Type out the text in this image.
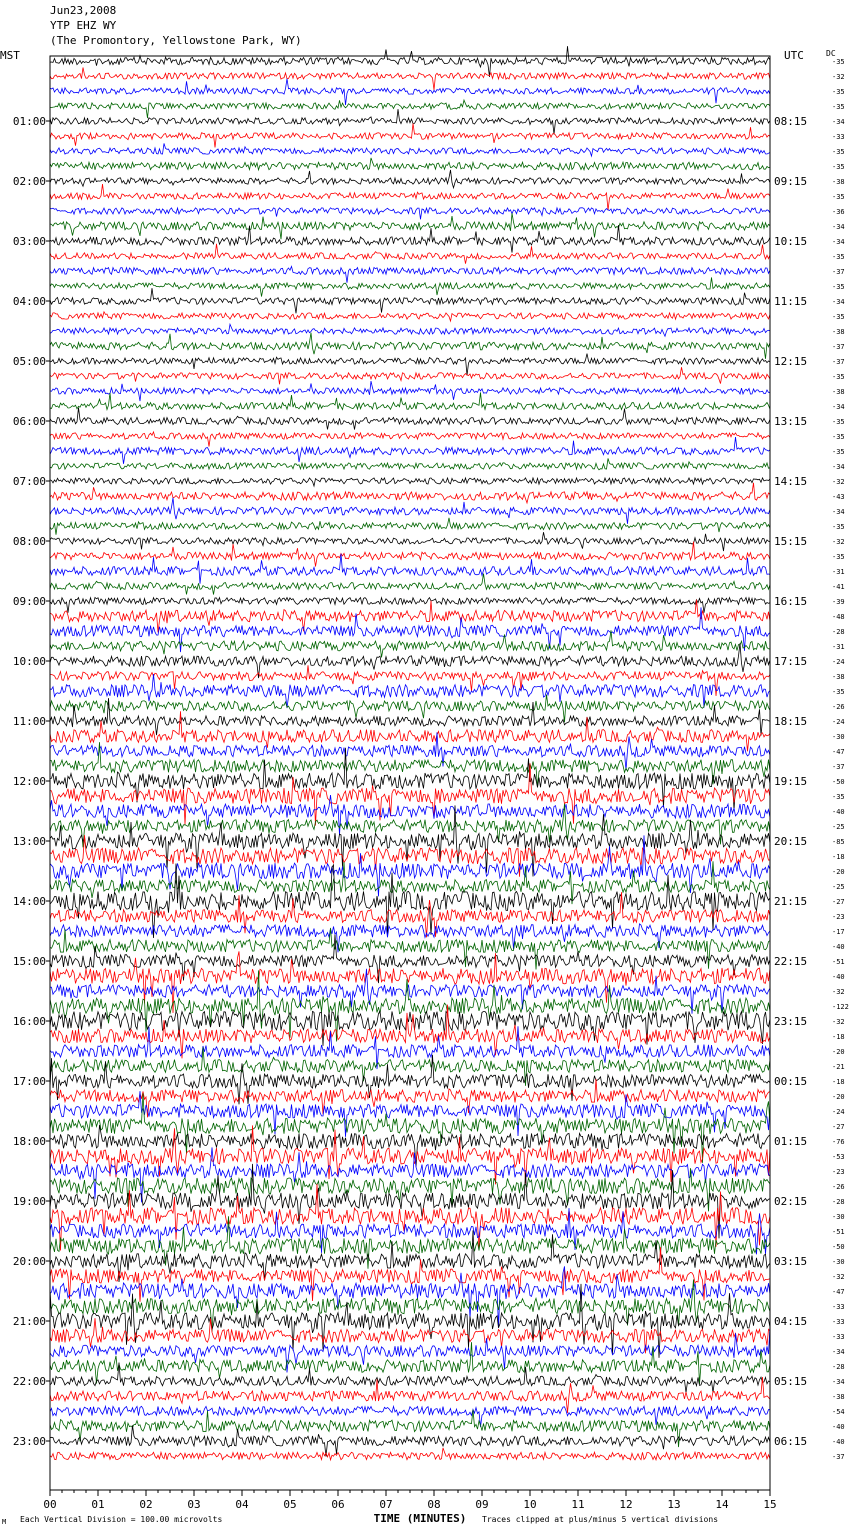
Jun23,2008
YTP EHZ WY
(The Promontory, Yellowstone Park, WY)
MST	UTC	-35
-32
-35
-35
-34
-33
-35
-35
-38
-35
-36
-34
-34
-35
-37
-35
-34
-35
-38
-37
-37
-35
-38
-34
-35
-35
-35
-34
-32
-43
-34
-35
-32
-35
-31
-41
-39
-48
-28
-31
-24
-38
-35
-26
-24
-30
-47
-37
-50
-35
-40
-25
-85
-18
-20
-25
-27
-23
-17
-40
-51
-40
-32
-122
-32
-18
-20
-21
-18
-20
-24
-27
-76
-53
-23
-26
-28
-30
-51
-50
-30
-32
-47
-33
-33
-33
-34
-28
-34
-38
-54
-40
-40
-37
01:00	08:15
02:00	09:15
03:00	10:15
04:00	11:15
05:00	12:15
06:00	13:15
07:00	14:15
08:00	15:15
09:00	16:15
10:00	17:15
11:00	18:15
12:00	19:15
13:00	20:15
14:00	21:15
15:00	22:15
16:00	23:15
17:00	00:15
18:00	01:15
19:00	02:15
20:00	03:15
21:00	04:15
22:00	05:15
23:00	06:15
00	01	02	03	04	05	06	07	08	09	10	11	12	13	14	15
DC
TIME (MINUTES)
M Each Vertical Division = 100.00 microvolts	Traces clipped at plus/minus 5 vertical divisions
